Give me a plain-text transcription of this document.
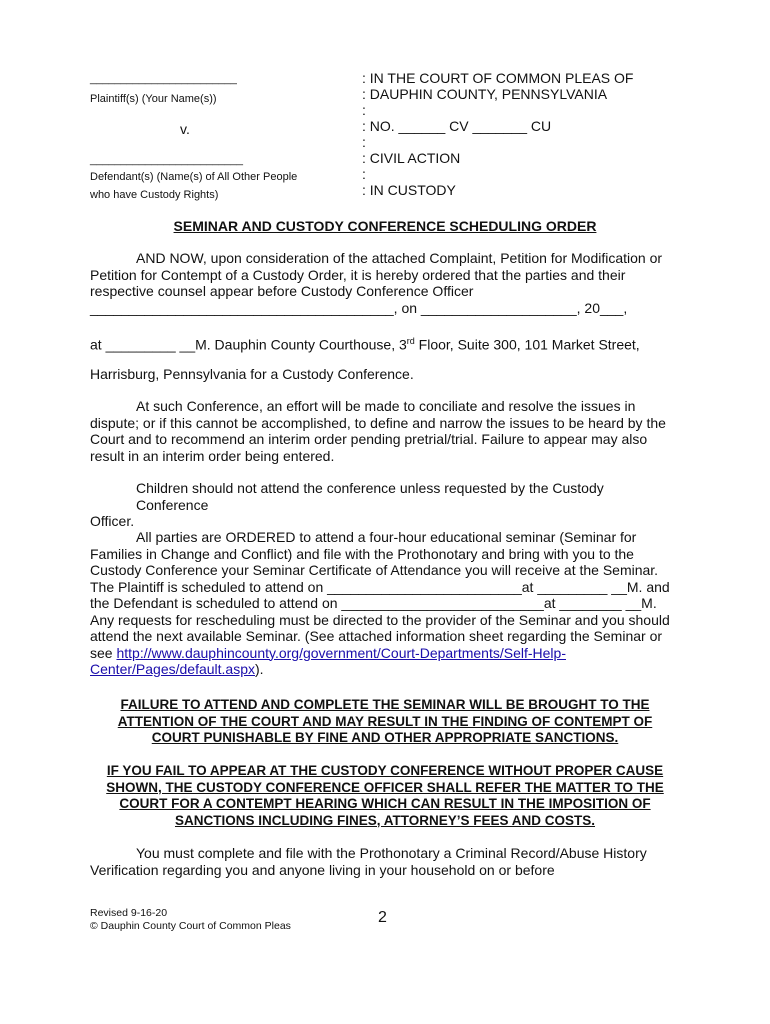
________________________
Plaintiff(s) (Your Name(s))
v.
_________________________
Defendant(s) (Name(s) of All Other People
who have Custody Rights)
: IN THE COURT OF COMMON PLEAS OF
: DAUPHIN COUNTY, PENNSYLVANIA
:
: NO. ______ CV _______ CU
:
: CIVIL ACTION
:
: IN CUSTODY
SEMINAR AND CUSTODY CONFERENCE SCHEDULING ORDER
AND NOW, upon consideration of the attached Complaint, Petition for Modification or
Petition for Contempt of a Custody Order, it is hereby ordered that the parties and their
respective counsel appear before Custody Conference Officer
_______________________________________, on ____________________, 20___,
at _________ __M. Dauphin County Courthouse, 3rd Floor, Suite 300, 101 Market Street,
Harrisburg, Pennsylvania for a Custody Conference.
At such Conference, an effort will be made to conciliate and resolve the issues in
dispute; or if this cannot be accomplished, to define and narrow the issues to be heard by the
Court and to recommend an interim order pending pretrial/trial. Failure to appear may also
result in an interim order being entered.
Children should not attend the conference unless requested by the Custody Conference
Officer.
All parties are ORDERED to attend a four-hour educational seminar (Seminar for
Families in Change and Conflict) and file with the Prothonotary and bring with you to the
Custody Conference your Seminar Certificate of Attendance you will receive at the Seminar.
The Plaintiff is scheduled to attend on _________________________at _________ __M. and
the Defendant is scheduled to attend on __________________________at ________ __M.
Any requests for rescheduling must be directed to the provider of the Seminar and you should
attend the next available Seminar. (See attached information sheet regarding the Seminar or
see http://www.dauphincounty.org/government/Court-Departments/Self-Help-
Center/Pages/default.aspx).
FAILURE TO ATTEND AND COMPLETE THE SEMINAR WILL BE BROUGHT TO THE
ATTENTION OF THE COURT AND MAY RESULT IN THE FINDING OF CONTEMPT OF
COURT PUNISHABLE BY FINE AND OTHER APPROPRIATE SANCTIONS.
IF YOU FAIL TO APPEAR AT THE CUSTODY CONFERENCE WITHOUT PROPER CAUSE
SHOWN, THE CUSTODY CONFERENCE OFFICER SHALL REFER THE MATTER TO THE
COURT FOR A CONTEMPT HEARING WHICH CAN RESULT IN THE IMPOSITION OF
SANCTIONS INCLUDING FINES, ATTORNEY’S FEES AND COSTS.
You must complete and file with the Prothonotary a Criminal Record/Abuse History
Verification regarding you and anyone living in your household on or before
Revised 9-16-20
© Dauphin County Court of Common Pleas	2
